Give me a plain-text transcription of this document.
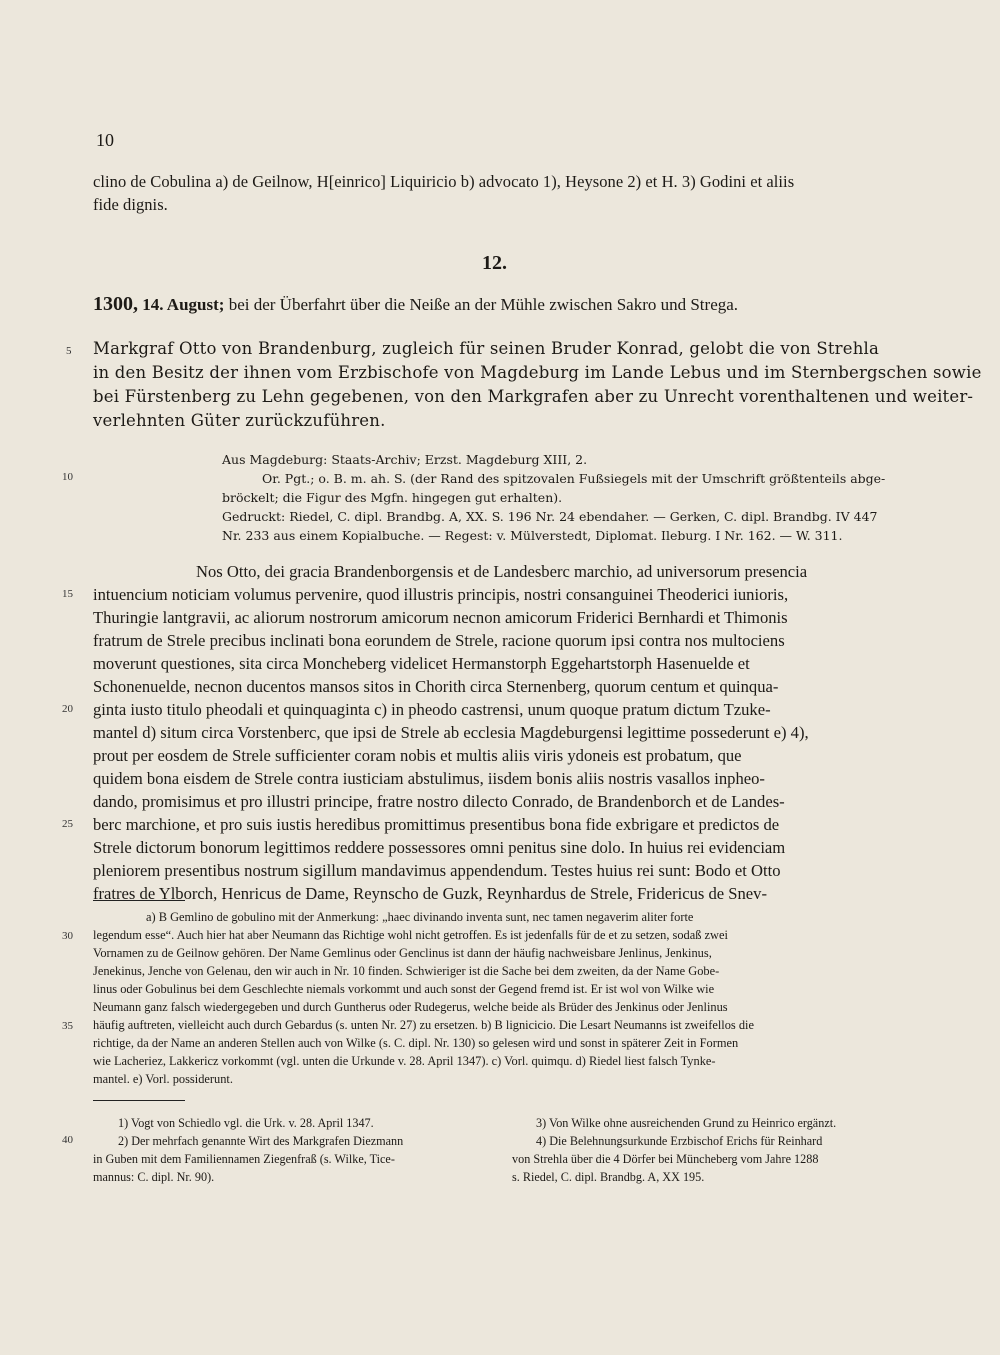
10
clino de Cobulina a) de Geilnow, H[einrico] Liquiricio b) advocato 1), Heysone 2) et H. 3) Godini et aliis
fide dignis.
12.
1300, 14. August; bei der Überfahrt über die Neiße an der Mühle zwischen Sakro und Strega.
Markgraf Otto von Brandenburg, zugleich für seinen Bruder Konrad, gelobt die von Strehla
in den Besitz der ihnen vom Erzbischofe von Magdeburg im Lande Lebus und im Sternbergschen sowie
bei Fürstenberg zu Lehn gegebenen, von den Markgrafen aber zu Unrecht vorenthaltenen und weiter-
verlehnten Güter zurückzuführen.
Aus Magdeburg: Staats-Archiv; Erzst. Magdeburg XIII, 2.
Or. Pgt.; o. B. m. ah. S. (der Rand des spitzovalen Fußsiegels mit der Umschrift größtenteils abge-
bröckelt; die Figur des Mgfn. hingegen gut erhalten).
Gedruckt: Riedel, C. dipl. Brandbg. A, XX. S. 196 Nr. 24 ebendaher. — Gerken, C. dipl. Brandbg. IV 447
Nr. 233 aus einem Kopialbuche. — Regest: v. Mülverstedt, Diplomat. Ileburg. I Nr. 162. — W. 311.
Nos Otto, dei gracia Brandenborgensis et de Landesberc marchio, ad universorum presencia
intuencium noticiam volumus pervenire, quod illustris principis, nostri consanguinei Theoderici iunioris,
Thuringie lantgravii, ac aliorum nostrorum amicorum necnon amicorum Friderici Bernhardi et Thimonis
fratrum de Strele precibus inclinati bona eorundem de Strele, racione quorum ipsi contra nos multociens
moverunt questiones, sita circa Moncheberg videlicet Hermanstorph Eggehartstorph Hasenuelde et
Schonenuelde, necnon ducentos mansos sitos in Chorith circa Sternenberg, quorum centum et quinqua-
ginta iusto titulo pheodali et quinquaginta c) in pheodo castrensi, unum quoque pratum dictum Tzuke-
mantel d) situm circa Vorstenberc, que ipsi de Strele ab ecclesia Magdeburgensi legittime possederunt e) 4),
prout per eosdem de Strele sufficienter coram nobis et multis aliis viris ydoneis est probatum, que
quidem bona eisdem de Strele contra iusticiam abstulimus, iisdem bonis aliis nostris vasallos inpheo-
dando, promisimus et pro illustri principe, fratre nostro dilecto Conrado, de Brandenborch et de Landes-
berc marchione, et pro suis iustis heredibus promittimus presentibus bona fide exbrigare et predictos de
Strele dictorum bonorum legittimos reddere possessores omni penitus sine dolo. In huius rei evidenciam
pleniorem presentibus nostrum sigillum mandavimus appendendum. Testes huius rei sunt: Bodo et Otto
fratres de Ylborch, Henricus de Dame, Reynscho de Guzk, Reynhardus de Strele, Fridericus de Snev-
a) B Gemlino de gobulino mit der Anmerkung: „haec divinando inventa sunt, nec tamen negaverim aliter forte
legendum esse“. Auch hier hat aber Neumann das Richtige wohl nicht getroffen. Es ist jedenfalls für de et zu setzen, sodaß zwei
Vornamen zu de Geilnow gehören. Der Name Gemlinus oder Genclinus ist dann der häufig nachweisbare Jenlinus, Jenkinus,
Jenekinus, Jenche von Gelenau, den wir auch in Nr. 10 finden. Schwieriger ist die Sache bei dem zweiten, da der Name Gobe-
linus oder Gobulinus bei dem Geschlechte niemals vorkommt und auch sonst der Gegend fremd ist. Er ist wol von Wilke wie
Neumann ganz falsch wiedergegeben und durch Guntherus oder Rudegerus, welche beide als Brüder des Jenkinus oder Jenlinus
häufig auftreten, vielleicht auch durch Gebardus (s. unten Nr. 27) zu ersetzen. b) B lignicicio. Die Lesart Neumanns ist zweifellos die
richtige, da der Name an anderen Stellen auch von Wilke (s. C. dipl. Nr. 130) so gelesen wird und sonst in späterer Zeit in Formen
wie Lacheriez, Lakkericz vorkommt (vgl. unten die Urkunde v. 28. April 1347). c) Vorl. quimqu. d) Riedel liest falsch Tynke-
mantel. e) Vorl. possiderunt.
1) Vogt von Schiedlo vgl. die Urk. v. 28. April 1347.
2) Der mehrfach genannte Wirt des Markgrafen Diezmann
in Guben mit dem Familiennamen Ziegenfraß (s. Wilke, Tice-
mannus: C. dipl. Nr. 90).
3) Von Wilke ohne ausreichenden Grund zu Heinrico ergänzt.
4) Die Belehnungsurkunde Erzbischof Erichs für Reinhard
von Strehla über die 4 Dörfer bei Müncheberg vom Jahre 1288
s. Riedel, C. dipl. Brandbg. A, XX 195.
5
10
15
20
25
30
35
40
